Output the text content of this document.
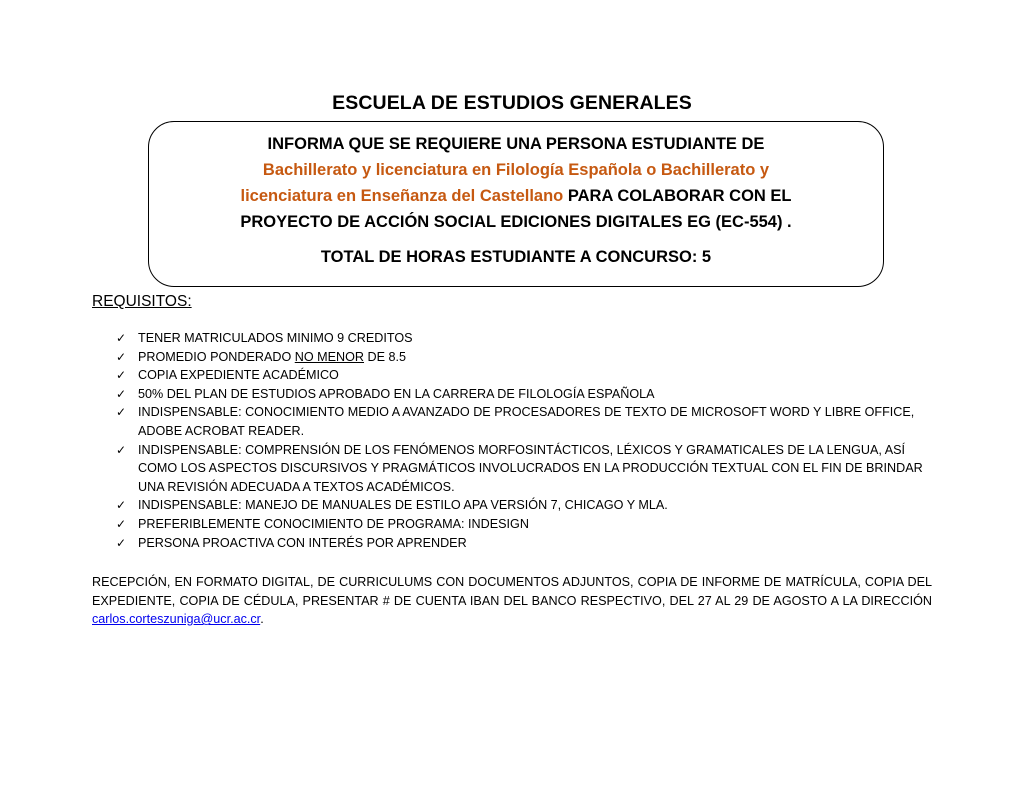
ESCUELA DE ESTUDIOS GENERALES
INFORMA QUE SE REQUIERE UNA PERSONA ESTUDIANTE DE
Bachillerato y licenciatura en Filología Española o Bachillerato y
licenciatura en Enseñanza del Castellano PARA COLABORAR CON EL
PROYECTO DE ACCIÓN SOCIAL EDICIONES DIGITALES EG (EC-554) .
TOTAL DE HORAS ESTUDIANTE A CONCURSO: 5
REQUISITOS:
✓ TENER MATRICULADOS MINIMO 9 CREDITOS
✓ PROMEDIO PONDERADO NO MENOR DE 8.5
✓ COPIA EXPEDIENTE ACADÉMICO
✓ 50% DEL PLAN DE ESTUDIOS APROBADO EN LA CARRERA DE FILOLOGÍA ESPAÑOLA
✓ INDISPENSABLE: CONOCIMIENTO MEDIO A AVANZADO DE PROCESADORES DE TEXTO DE MICROSOFT WORD Y LIBRE OFFICE, ADOBE ACROBAT READER.
✓ INDISPENSABLE: COMPRENSIÓN DE LOS FENÓMENOS MORFOSINTÁCTICOS, LÉXICOS Y GRAMATICALES DE LA LENGUA, ASÍ COMO LOS ASPECTOS DISCURSIVOS Y PRAGMÁTICOS INVOLUCRADOS EN LA PRODUCCIÓN TEXTUAL CON EL FIN DE BRINDAR UNA REVISIÓN ADECUADA A TEXTOS ACADÉMICOS.
✓ INDISPENSABLE: MANEJO DE MANUALES DE ESTILO APA VERSIÓN 7, CHICAGO Y MLA.
✓ PREFERIBLEMENTE CONOCIMIENTO DE PROGRAMA: INDESIGN
✓ PERSONA PROACTIVA CON INTERÉS POR APRENDER
RECEPCIÓN, EN FORMATO DIGITAL, DE CURRICULUMS CON DOCUMENTOS ADJUNTOS, COPIA DE INFORME DE MATRÍCULA, COPIA DEL EXPEDIENTE, COPIA DE CÉDULA, PRESENTAR # DE CUENTA IBAN DEL BANCO RESPECTIVO, DEL 27 AL 29 DE AGOSTO A LA DIRECCIÓN carlos.corteszuniga@ucr.ac.cr.
